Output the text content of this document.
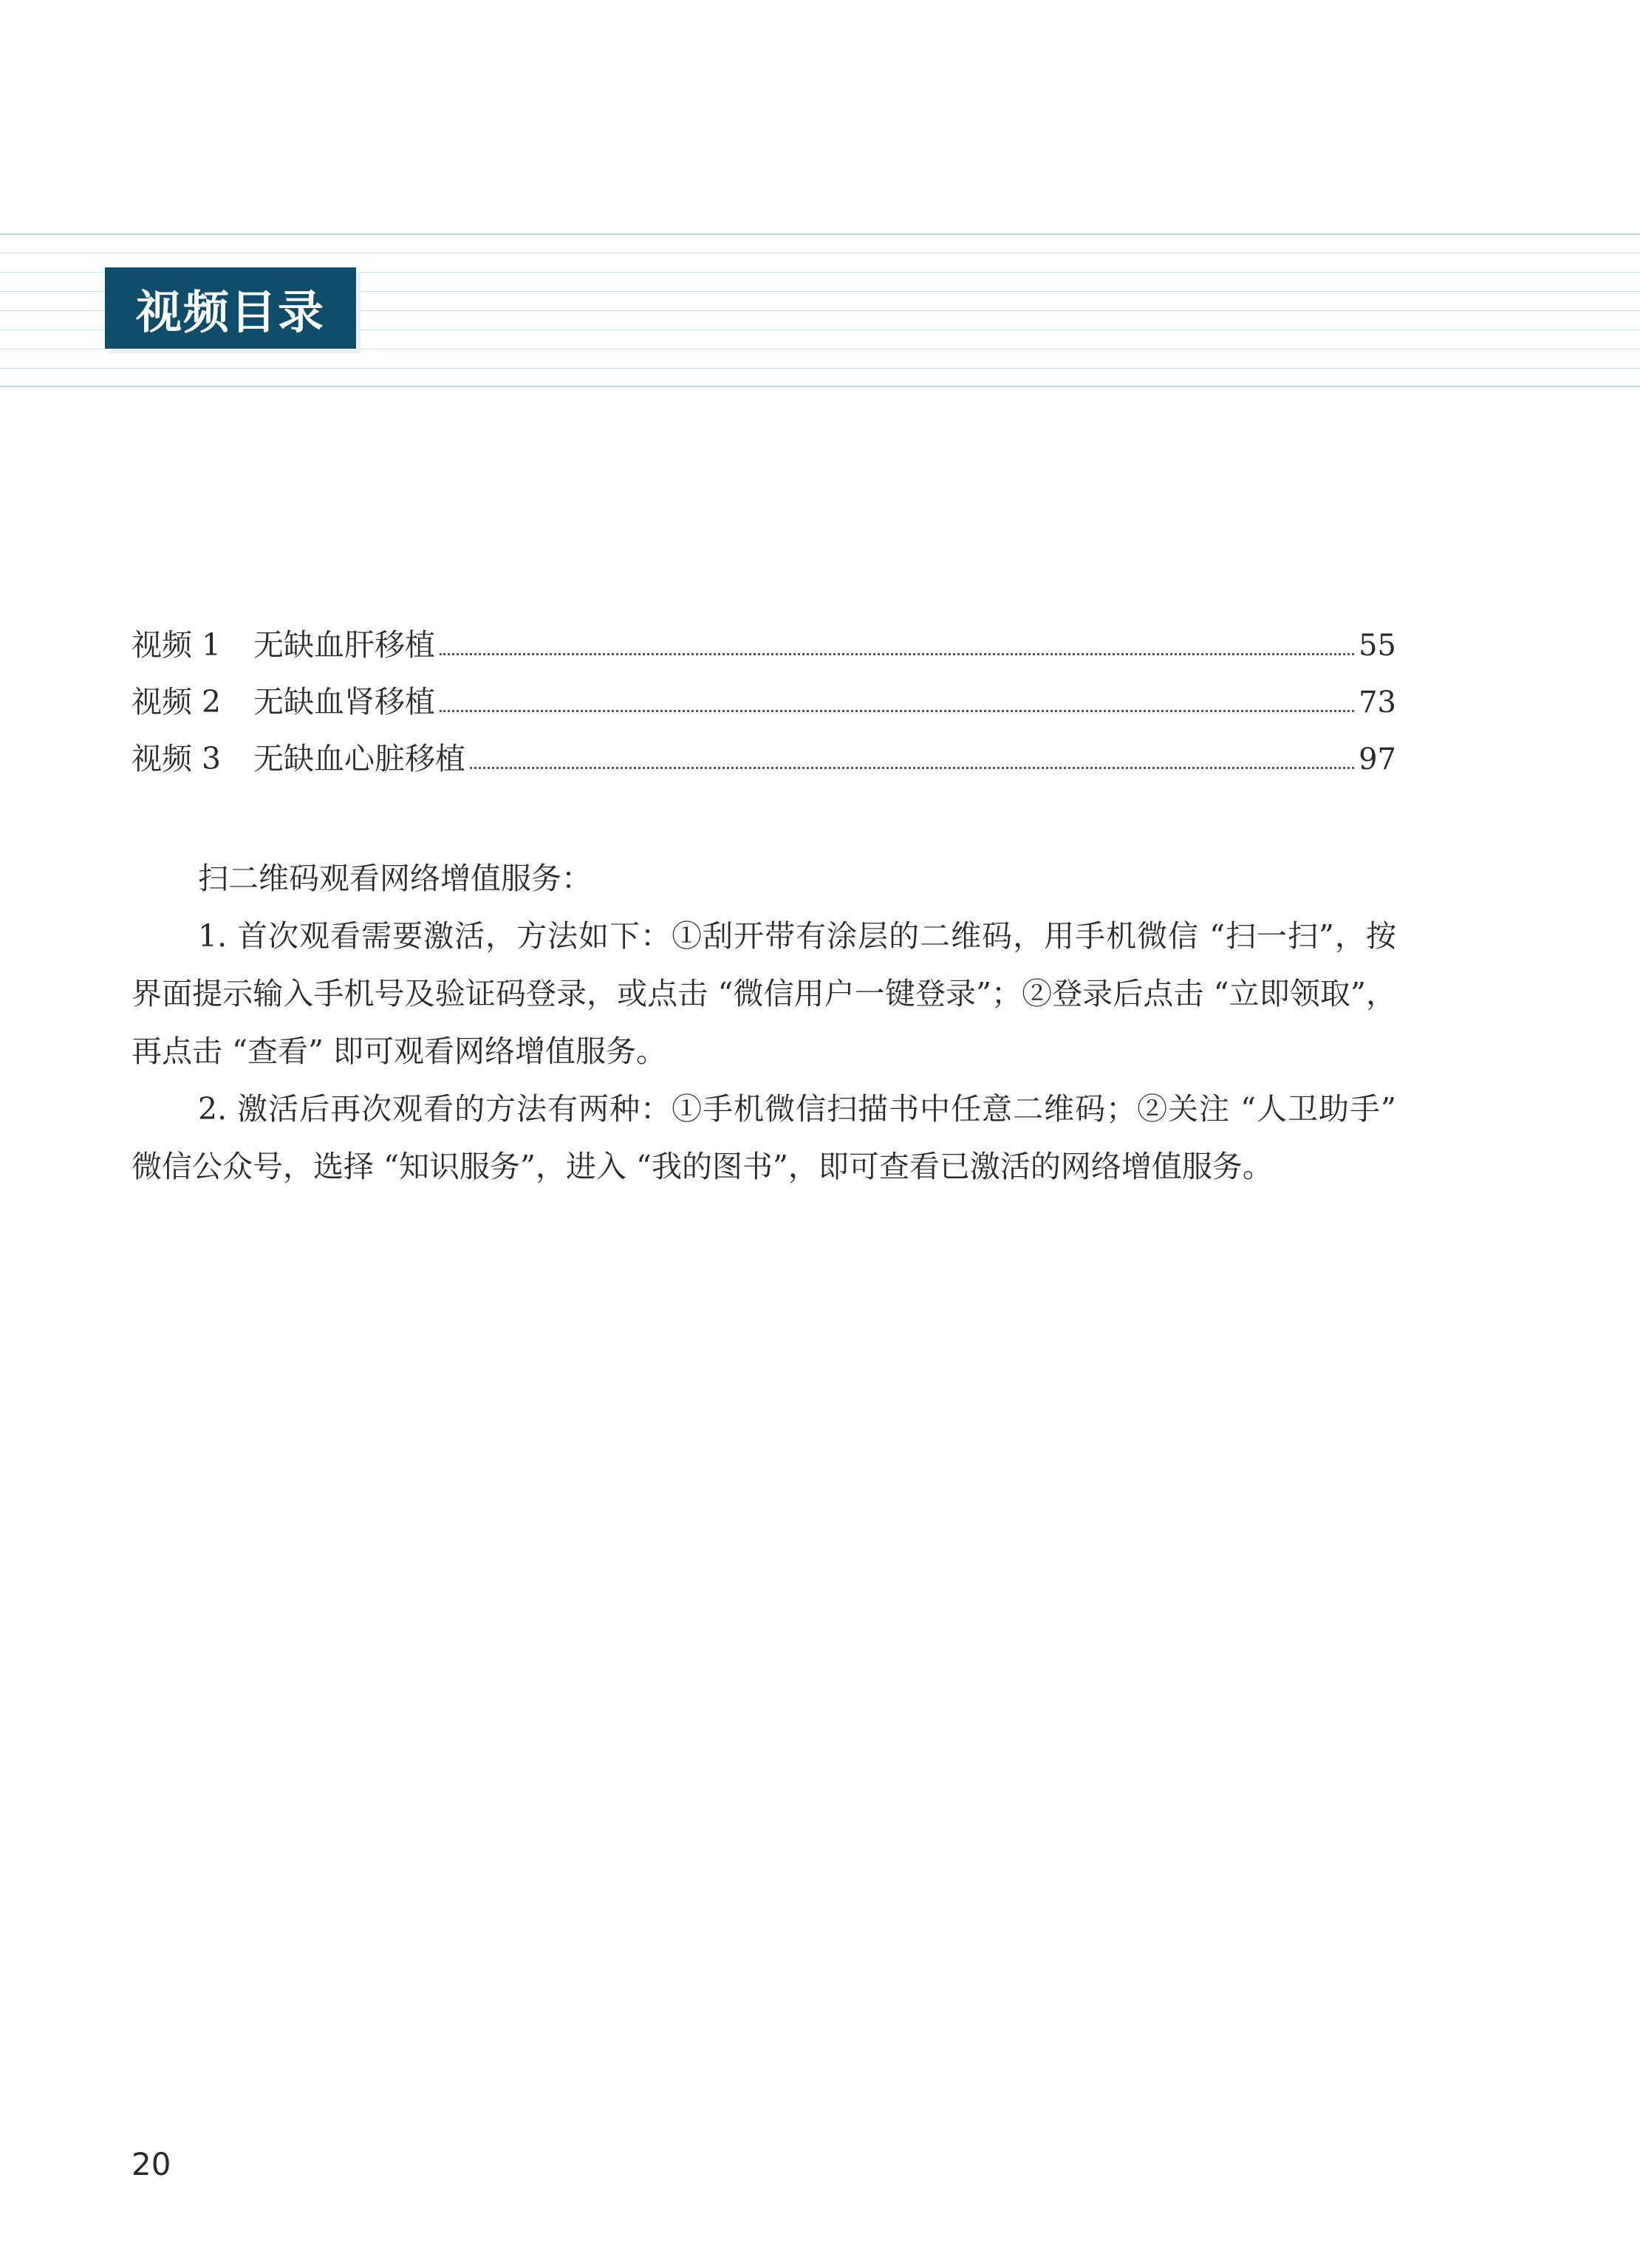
视频目录
视频 1	无缺血肝移植	55
视频 2	无缺血肾移植	73
视频 3	无缺血心脏移植	97

扫二维码观看网络增值服务：

1. 首次观看需要激活，方法如下：①刮开带有涂层的二维码，用手机微信 “扫一扫”，按界面提示输入手机号及验证码登录，或点击 “微信用户一键登录”；②登录后点击 “立即领取”，再点击 “查看” 即可观看网络增值服务。

2. 激活后再次观看的方法有两种：①手机微信扫描书中任意二维码；②关注 “人卫助手” 微信公众号，选择 “知识服务”，进入 “我的图书”，即可查看已激活的网络增值服务。

20
